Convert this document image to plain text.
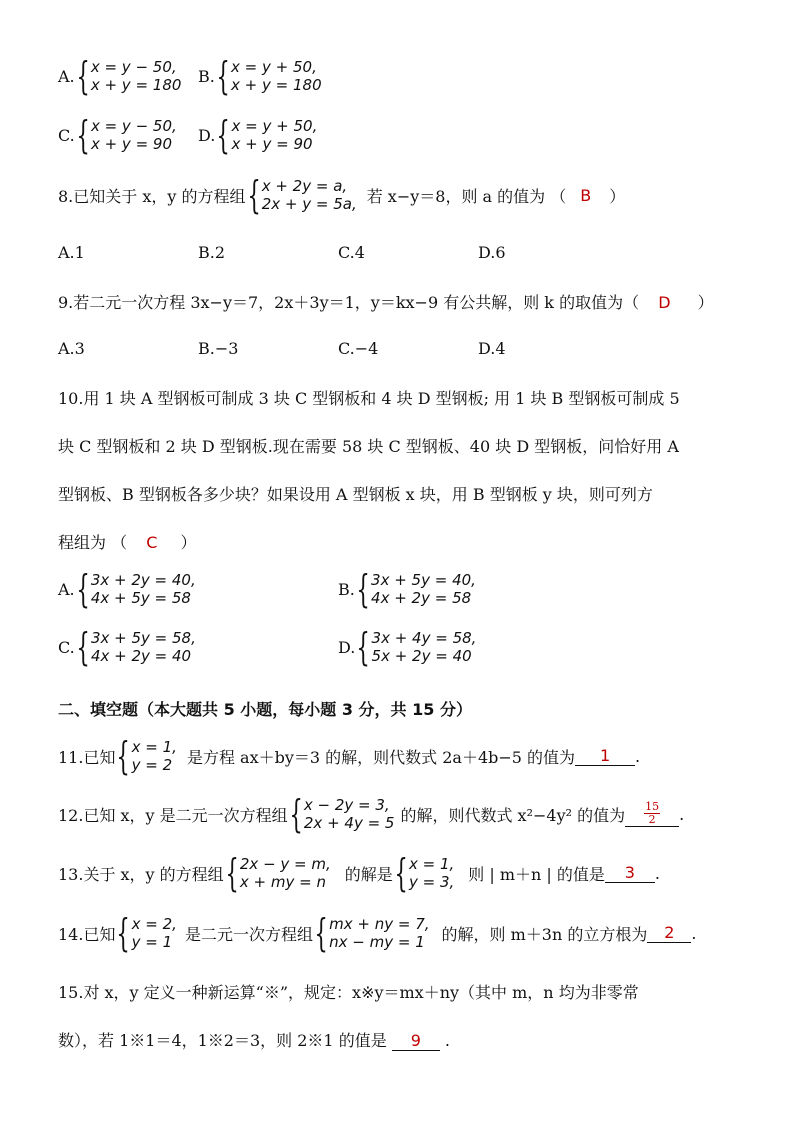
A. { x = y − 50,
x + y = 180 B. { x = y + 50,
x + y = 180
C. { x = y − 50,
x + y = 90 D. { x = y + 50,
x + y = 90
8.已知关于 x，y 的方程组 { x + 2y = a,
2x + y = 5a, 若 x−y＝8，则 a 的值为 （ B ）
A.1	B.2	C.4	D.6
9.若二元一次方程 3x−y＝7，2x＋3y＝1，y＝kx−9 有公共解，则 k 的取值为（ D ）
A.3	B.−3	C.−4	D.4
10.用 1 块 A 型钢板可制成 3 块 C 型钢板和 4 块 D 型钢板; 用 1 块 B 型钢板可制成 5
块 C 型钢板和 2 块 D 型钢板.现在需要 58 块 C 型钢板、40 块 D 型钢板，问恰好用 A
型钢板、B 型钢板各多少块？如果设用 A 型钢板 x 块，用 B 型钢板 y 块，则可列方
程组为 （ C ）
A. { 3x + 2y = 40,
4x + 5y = 58	B. { 3x + 5y = 40,
4x + 2y = 58
C. { 3x + 5y = 58,
4x + 2y = 40	D. { 3x + 4y = 58,
5x + 2y = 40
二、填空题（本大题共 5 小题，每小题 3 分，共 15 分）
11.已知 { x = 1,
y = 2 是方程 ax＋by＝3 的解，则代数式 2a＋4b−5 的值为	1	.
12.已知 x，y 是二元一次方程组 { x − 2y = 3,
2x + 4y = 5 的解，则代数式 x²−4y² 的值为 $\frac{15}{2}$ .
13.关于 x，y 的方程组 { 2x − y = m,
x + my = n 的解是 { x = 1,
y = 3, 则 | m＋n | 的值是	3	.
14.已知 { x = 2,
y = 1 是二元一次方程组 { mx + ny = 7,
nx − my = 1 的解，则 m＋3n 的立方根为	2	.
15.对 x，y 定义一种新运算“※”，规定：x※y＝mx＋ny（其中 m，n 均为非零常
数），若 1※1＝4，1※2＝3，则 2※1 的值是 9 .
